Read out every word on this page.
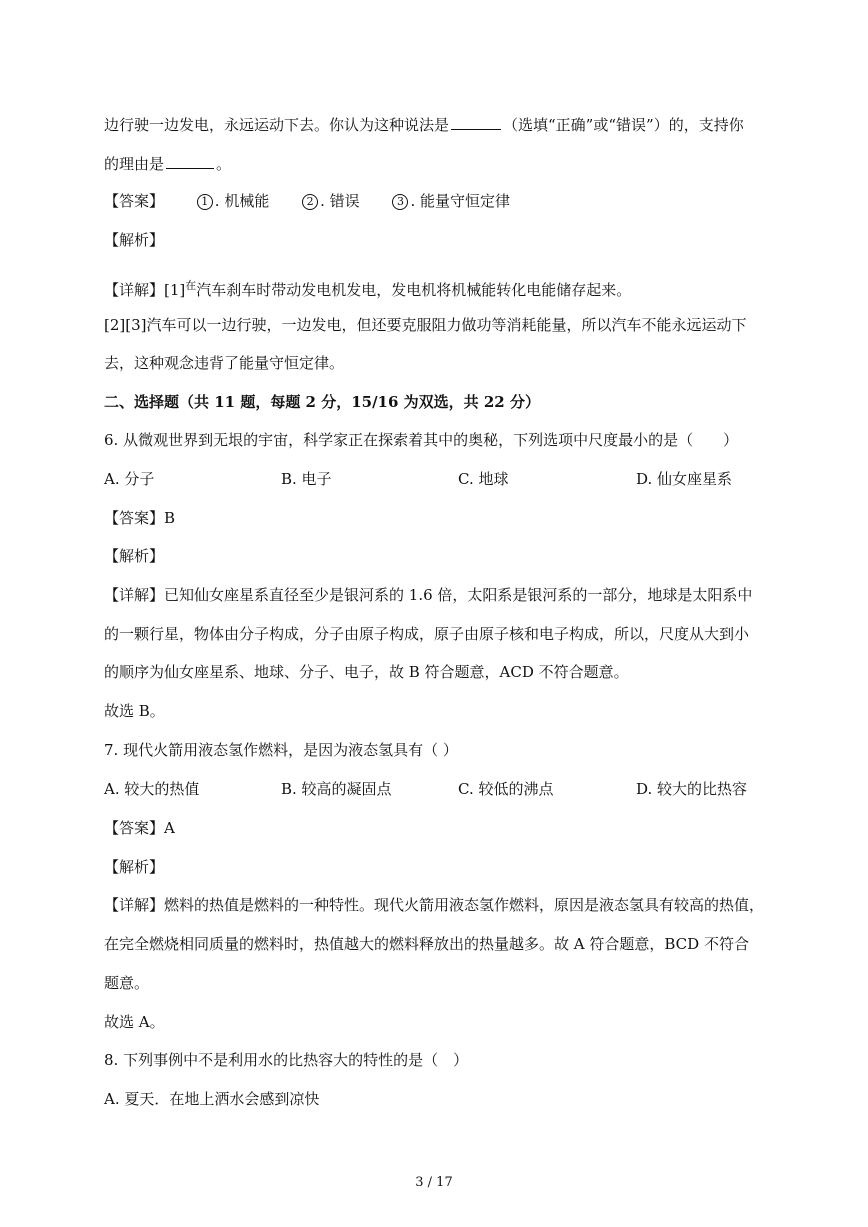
边行驶一边发电，永远运动下去。你认为这种说法是	（选填“正确”或“错误”）的，支持你
的理由是	。
【答案】	1 . 机械能	2 . 错误	3 . 能量守恒定律
【解析】
【详解】$[1]^在$汽车刹车时带动发电机发电，发电机将机械能转化电能储存起来。
[2][3]汽车可以一边行驶，一边发电，但还要克服阻力做功等消耗能量，所以汽车不能永远运动下
去，这种观念违背了能量守恒定律。
二、选择题（共 11 题，每题 2 分，15/16 为双选，共 22 分）
6. 从微观世界到无垠的宇宙，科学家正在探索着其中的奥秘，下列选项中尺度最小的是（　　）
A. 分子	B. 电子	C. 地球	D. 仙女座星系
【答案】B
【解析】
【详解】已知仙女座星系直径至少是银河系的 1.6 倍，太阳系是银河系的一部分，地球是太阳系中
的一颗行星，物体由分子构成，分子由原子构成，原子由原子核和电子构成，所以，尺度从大到小
的顺序为仙女座星系、地球、分子、电子，故 B 符合题意，ACD 不符合题意。
故选 B。
7. 现代火箭用液态氢作燃料，是因为液态氢具有（ ）
A. 较大的热值	B. 较高的凝固点	C. 较低的沸点	D. 较大的比热容
【答案】A
【解析】
【详解】燃料的热值是燃料的一种特性。现代火箭用液态氢作燃料，原因是液态氢具有较高的热值，
在完全燃烧相同质量的燃料时，热值越大的燃料释放出的热量越多。故 A 符合题意，BCD 不符合
题意。
故选 A。
8. 下列事例中不是利用水的比热容大的特性的是（　）
A. 夏天．在地上洒水会感到凉快
3 / 17
